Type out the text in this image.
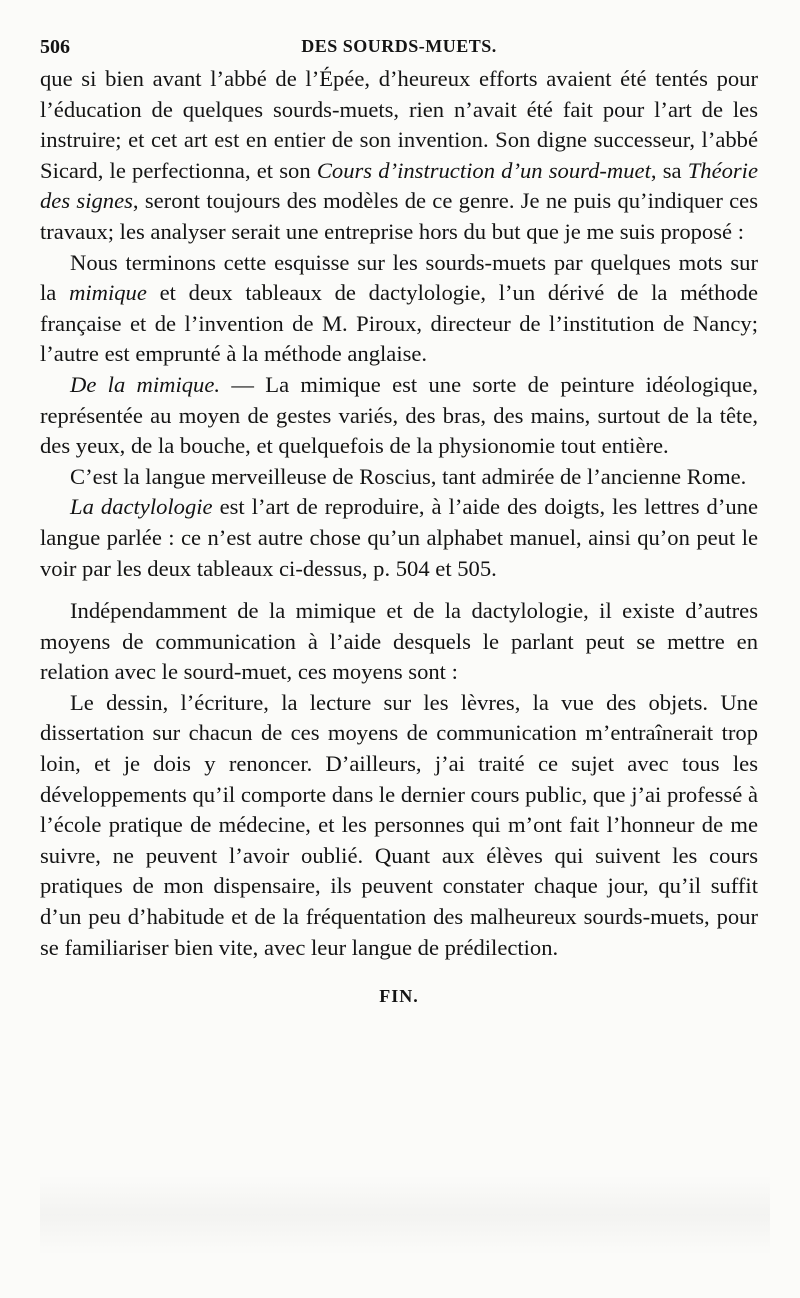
506	DES SOURDS-MUETS.

que si bien avant l’abbé de l’Épée, d’heureux efforts avaient été tentés pour l’éducation de quelques sourds-muets, rien n’avait été fait pour l’art de les instruire; et cet art est en entier de son invention. Son digne successeur, l’abbé Sicard, le perfectionna, et son Cours d’instruction d’un sourd-muet, sa Théorie des signes, seront toujours des modèles de ce genre. Je ne puis qu’indiquer ces travaux; les analyser serait une entreprise hors du but que je me suis proposé :

Nous terminons cette esquisse sur les sourds-muets par quelques mots sur la mimique et deux tableaux de dactylologie, l’un dérivé de la méthode française et de l’invention de M. Piroux, directeur de l’institution de Nancy; l’autre est emprunté à la méthode anglaise.

De la mimique. — La mimique est une sorte de peinture idéologique, représentée au moyen de gestes variés, des bras, des mains, surtout de la tête, des yeux, de la bouche, et quelquefois de la physionomie tout entière.

C’est la langue merveilleuse de Roscius, tant admirée de l’ancienne Rome.

La dactylologie est l’art de reproduire, à l’aide des doigts, les lettres d’une langue parlée : ce n’est autre chose qu’un alphabet manuel, ainsi qu’on peut le voir par les deux tableaux ci-dessus, p. 504 et 505.

Indépendamment de la mimique et de la dactylologie, il existe d’autres moyens de communication à l’aide desquels le parlant peut se mettre en relation avec le sourd-muet, ces moyens sont :

Le dessin, l’écriture, la lecture sur les lèvres, la vue des objets. Une dissertation sur chacun de ces moyens de communication m’entraînerait trop loin, et je dois y renoncer. D’ailleurs, j’ai traité ce sujet avec tous les développements qu’il comporte dans le dernier cours public, que j’ai professé à l’école pratique de médecine, et les personnes qui m’ont fait l’honneur de me suivre, ne peuvent l’avoir oublié. Quant aux élèves qui suivent les cours pratiques de mon dispensaire, ils peuvent constater chaque jour, qu’il suffit d’un peu d’habitude et de la fréquentation des malheureux sourds-muets, pour se familiariser bien vite, avec leur langue de prédilection.

FIN.
